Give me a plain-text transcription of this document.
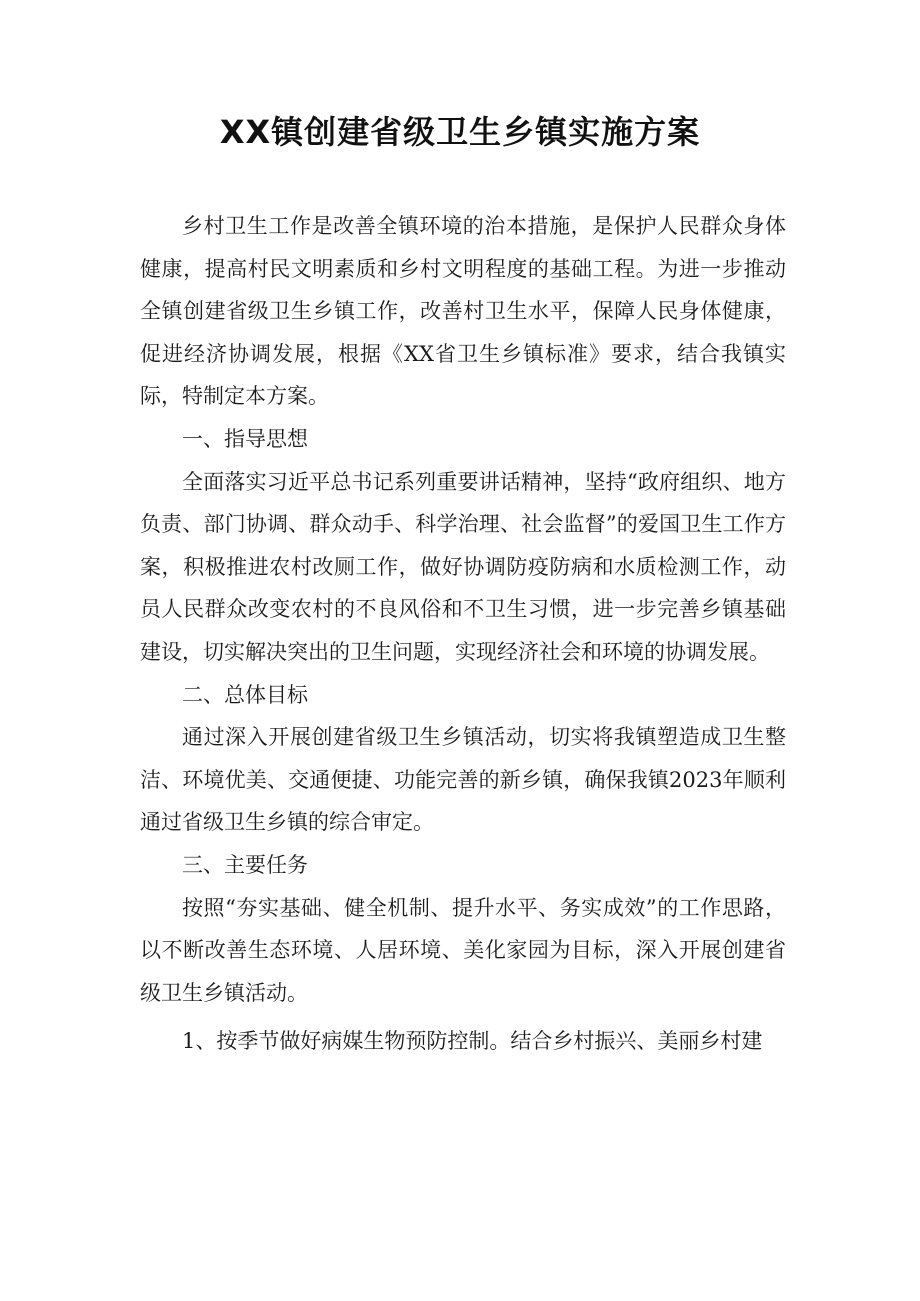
XX镇创建省级卫生乡镇实施方案

乡村卫生工作是改善全镇环境的治本措施，是保护人民群众身体健康，提高村民文明素质和乡村文明程度的基础工程。为进一步推动全镇创建省级卫生乡镇工作，改善村卫生水平，保障人民身体健康，促进经济协调发展，根据《XX省卫生乡镇标准》要求，结合我镇实际，特制定本方案。

一、指导思想

全面落实习近平总书记系列重要讲话精神，坚持“政府组织、地方负责、部门协调、群众动手、科学治理、社会监督”的爱国卫生工作方案，积极推进农村改厕工作，做好协调防疫防病和水质检测工作，动员人民群众改变农村的不良风俗和不卫生习惯，进一步完善乡镇基础建设，切实解决突出的卫生问题，实现经济社会和环境的协调发展。

二、总体目标

通过深入开展创建省级卫生乡镇活动，切实将我镇塑造成卫生整洁、环境优美、交通便捷、功能完善的新乡镇，确保我镇2023年顺利通过省级卫生乡镇的综合审定。

三、主要任务

按照“夯实基础、健全机制、提升水平、务实成效”的工作思路，以不断改善生态环境、人居环境、美化家园为目标，深入开展创建省级卫生乡镇活动。

1、按季节做好病媒生物预防控制。结合乡村振兴、美丽乡村建
